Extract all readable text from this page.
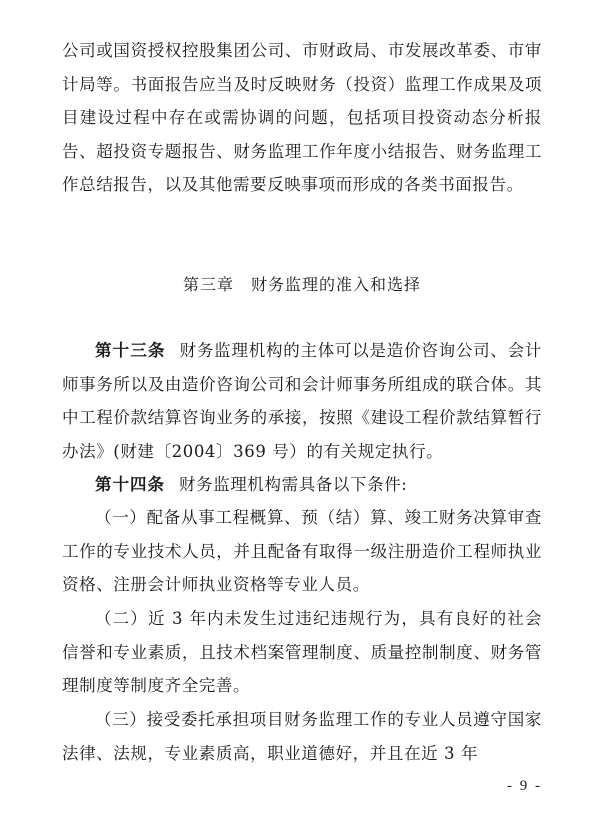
公司或国资授权控股集团公司、市财政局、市发展改革委、市审计局等。书面报告应当及时反映财务（投资）监理工作成果及项目建设过程中存在或需协调的问题，包括项目投资动态分析报告、超投资专题报告、财务监理工作年度小结报告、财务监理工作总结报告，以及其他需要反映事项而形成的各类书面报告。

第三章　财务监理的准入和选择

第十三条 财务监理机构的主体可以是造价咨询公司、会计师事务所以及由造价咨询公司和会计师事务所组成的联合体。其中工程价款结算咨询业务的承接，按照《建设工程价款结算暂行办法》(财建〔2004〕369 号）的有关规定执行。

第十四条 财务监理机构需具备以下条件:

（一）配备从事工程概算、预（结）算、竣工财务决算审查工作的专业技术人员，并且配备有取得一级注册造价工程师执业资格、注册会计师执业资格等专业人员。

（二）近 3 年内未发生过违纪违规行为，具有良好的社会信誉和专业素质，且技术档案管理制度、质量控制制度、财务管理制度等制度齐全完善。

（三）接受委托承担项目财务监理工作的专业人员遵守国家法律、法规，专业素质高，职业道德好，并且在近 3 年

- 9 -
